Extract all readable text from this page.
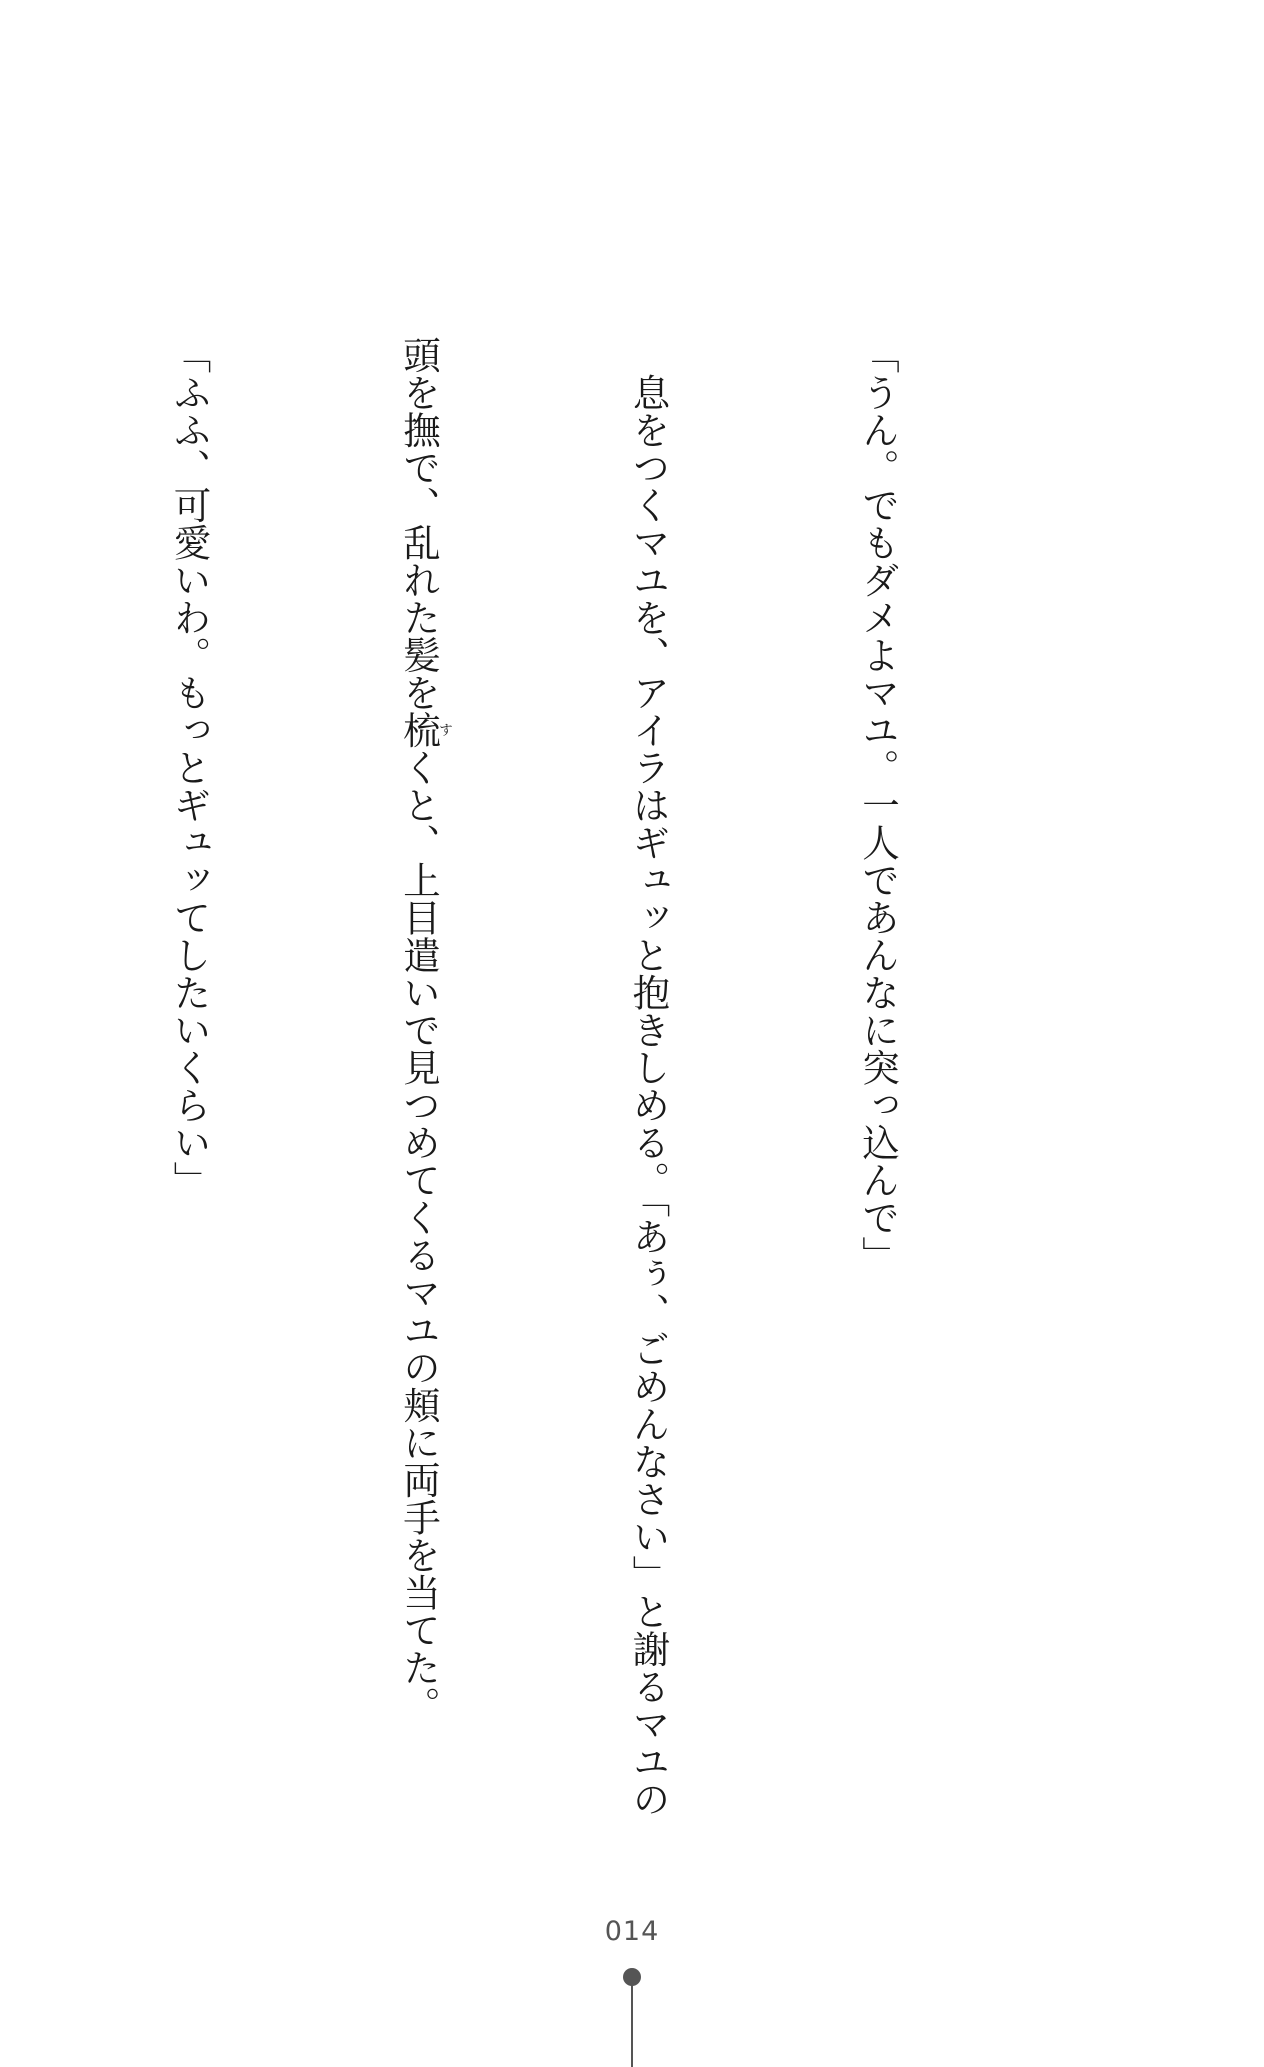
「うん。でもダメよマユ。一人であんなに突っ込んで」

　息をつくマユを、アイラはギュッと抱きしめる。「あぅ、ごめんなさい」と謝るマユの

頭を撫で、乱れた髪を梳すくと、上目遣いで見つめてくるマユの頬に両手を当てた。

「ふふ、可愛いわ。もっとギュッてしたいくらい」

014
